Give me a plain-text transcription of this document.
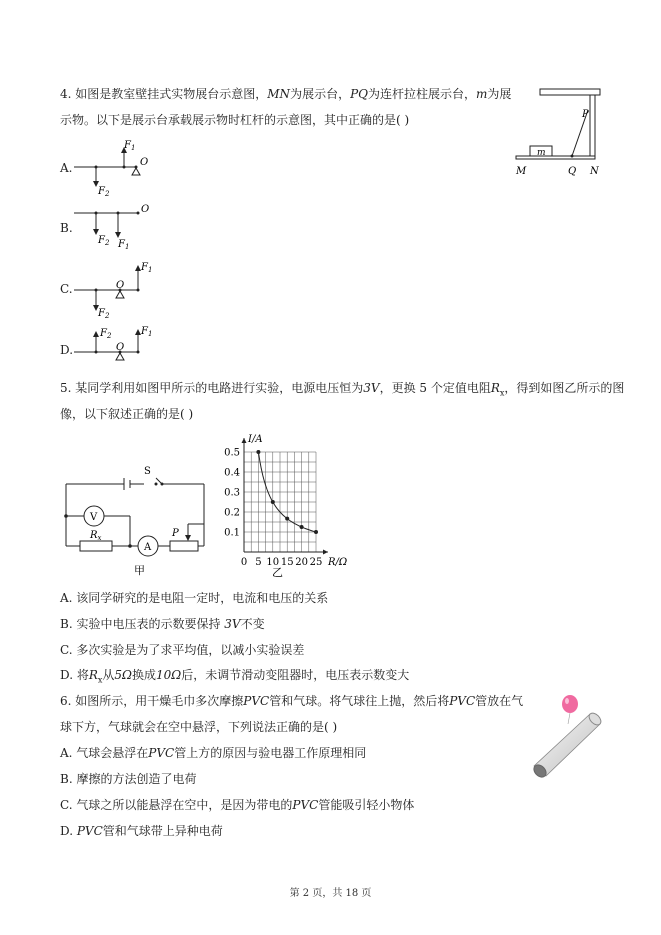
4. 如图是教室壁挂式实物展台示意图，MN为展示台，PQ为连杆拉柱展示台，m为展
示物。以下是展示台承载展示物时杠杆的示意图，其中正确的是( )	P
m
M	Q N
A.
$F_1$
$F_2$
O
B.
$F_2$ $F_1$
O
C.
$F_1$
$F_2$
O
D.
$F_2$	$F_1$
O
5. 某同学利用如图甲所示的电路进行实验，电源电压恒为3V，更换 5 个定值电阻$R_x$，得到如图乙所示的图
像，以下叙述正确的是( )
S
V
A
$R_x$	P
甲
0.1
0.2
0.3
0.4
0.5
0 5 10 15 20 25
I/A
R/Ω
乙
A. 该同学研究的是电阻一定时，电流和电压的关系
B. 实验中电压表的示数要保持 3V不变
C. 多次实验是为了求平均值，以减小实验误差
D. 将$R_x$从5Ω换成10Ω后，未调节滑动变阻器时，电压表示数变大
6. 如图所示，用干燥毛巾多次摩擦PVC管和气球。将气球往上抛，然后将PVC管放在气
球下方，气球就会在空中悬浮，下列说法正确的是( )
A. 气球会悬浮在PVC管上方的原因与验电器工作原理相同
B. 摩擦的方法创造了电荷
C. 气球之所以能悬浮在空中，是因为带电的PVC管能吸引轻小物体
D. PVC管和气球带上异种电荷
第 2 页，共 18 页
